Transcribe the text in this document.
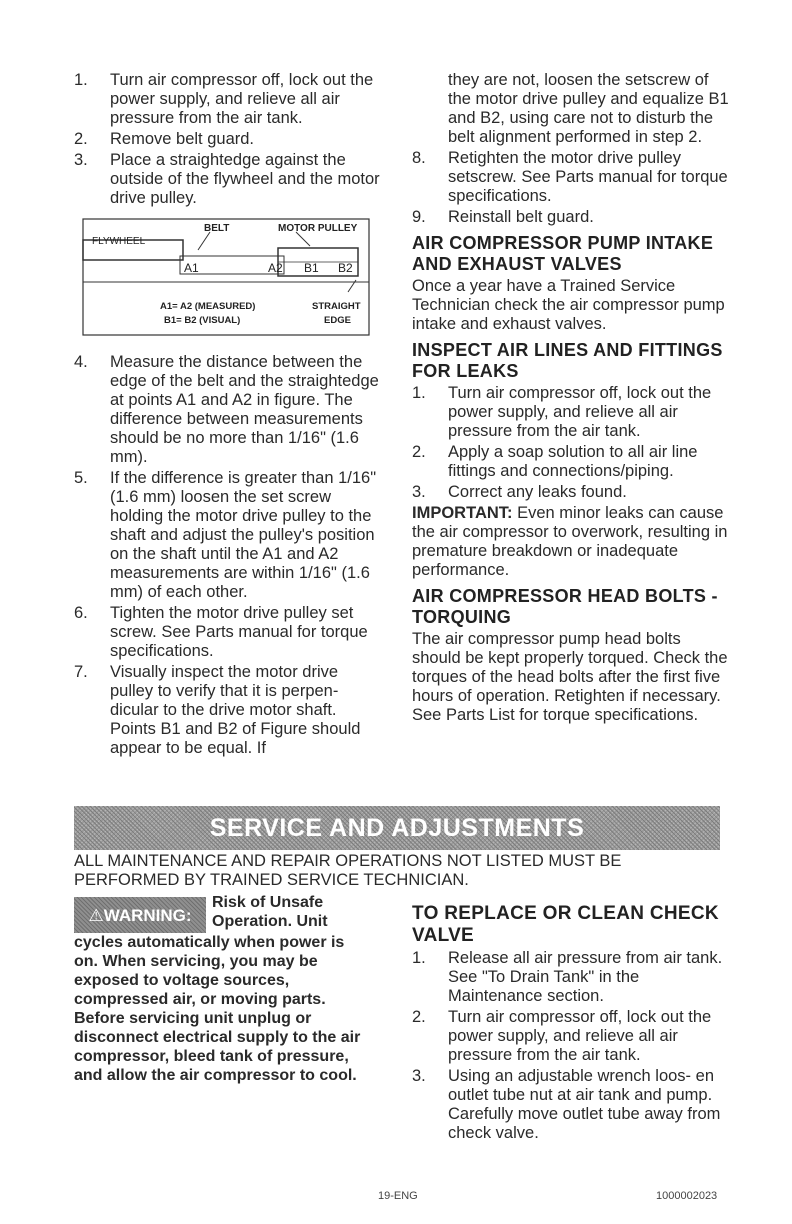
1.	Turn air compressor off, lock out the power supply, and relieve all air pressure from the air tank.
2.	Remove belt guard.
3.	Place a straightedge against the outside of the flywheel and the motor drive pulley.
BELT	MOTOR PULLEY
FLYWHEEL
A1	A2 B1 B2
A1= A2 (MEASURED)
B1= B2 (VISUAL)
STRAIGHT
EDGE
4.	Measure the distance between the edge of the belt and the straightedge at points A1 and A2 in figure. The difference between measurements should be no more than 1/16" (1.6 mm).
5.	If the difference is greater than 1/16" (1.6 mm) loosen the set screw holding the motor drive pulley to the shaft and adjust the pulley's position on the shaft until the A1 and A2 measurements are within 1/16" (1.6 mm) of each other.
6.	Tighten the motor drive pulley set screw. See Parts manual for torque specifications.
7.	Visually inspect the motor drive pulley to verify that it is perpen- dicular to the drive motor shaft. Points B1 and B2 of Figure should appear to be equal. If
they are not, loosen the setscrew of the motor drive pulley and equalize B1 and B2, using care not to disturb the belt alignment performed in step 2.
8.	Retighten the motor drive pulley setscrew. See Parts manual for torque specifications.
9.	Reinstall belt guard.
AIR COMPRESSOR PUMP INTAKE AND EXHAUST VALVES

Once a year have a Trained Service Technician check the air compressor pump intake and exhaust valves.

INSPECT AIR LINES AND FITTINGS FOR LEAKS
1.	Turn air compressor off, lock out the power supply, and relieve all air pressure from the air tank.
2.	Apply a soap solution to all air line fittings and connections/piping.
3.	Correct any leaks found.

IMPORTANT: Even minor leaks can cause the air compressor to overwork, resulting in premature breakdown or inadequate performance.

AIR COMPRESSOR HEAD BOLTS - TORQUING

The air compressor pump head bolts should be kept properly torqued. Check the torques of the head bolts after the first five hours of operation. Retighten if necessary. See Parts List for torque specifications.

SERVICE AND ADJUSTMENTS
ALL MAINTENANCE AND REPAIR OPERATIONS NOT LISTED MUST BE PERFORMED BY TRAINED SERVICE TECHNICIAN.
⚠WARNING:
Risk of Unsafe Operation. Unit
cycles automatically when power is on. When servicing, you may be exposed to voltage sources, compressed air, or moving parts. Before servicing unit unplug or disconnect electrical supply to the air compressor, bleed tank of pressure, and allow the air compressor to cool.
TO REPLACE OR CLEAN CHECK VALVE
1.	Release all air pressure from air tank. See "To Drain Tank" in the Maintenance section.
2.	Turn air compressor off, lock out the power supply, and relieve all air pressure from the air tank.
3.	Using an adjustable wrench loos- en outlet tube nut at air tank and pump. Carefully move outlet tube away from check valve.
19-ENG	1000002023
